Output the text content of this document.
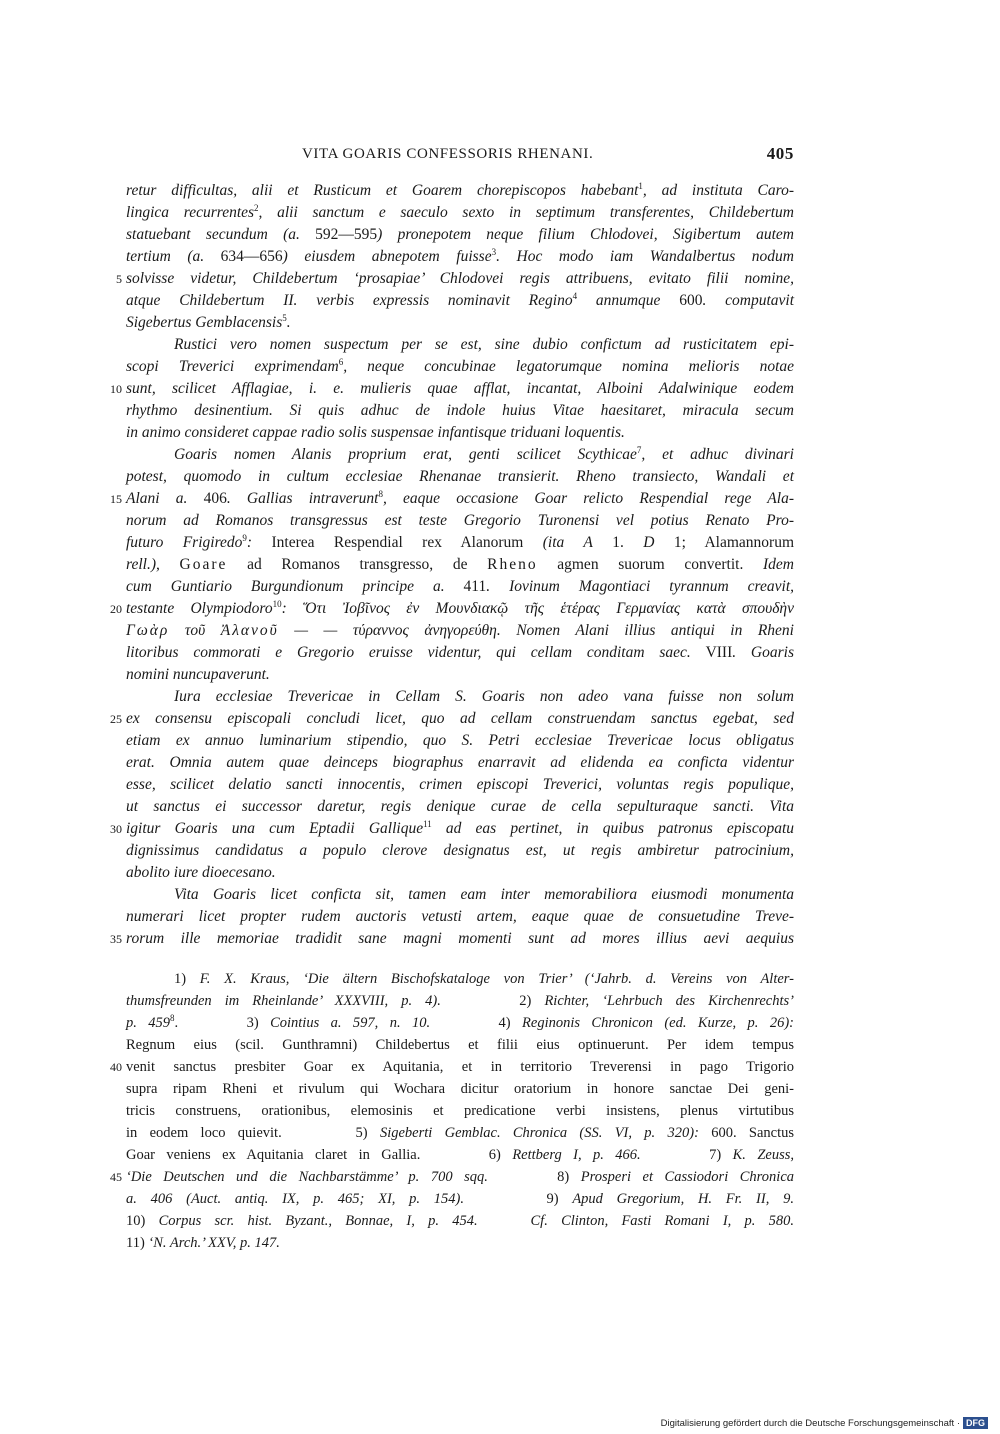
VITA GOARIS CONFESSORIS RHENANI.	405
retur difficultas, alii et Rusticum et Goarem chorepiscopos habebant$^1$, ad instituta Caro-
lingica recurrentes$^2$, alii sanctum e saeculo sexto in septimum transferentes, Childebertum
statuebant secundum (a. 592—595) pronepotem neque filium Chlodovei, Sigibertum autem
tertium (a. 634—656) eiusdem abnepotem fuisse$^3$. Hoc modo iam Wandalbertus nodum
5 solvisse videtur, Childebertum ‘prosapiae’ Chlodovei regis attribuens, evitato filii nomine,
atque Childebertum II. verbis expressis nominavit Regino$^4$ annumque 600. computavit
Sigebertus Gemblacensis$^5$.
Rustici vero nomen suspectum per se est, sine dubio confictum ad rusticitatem epi-
scopi Treverici exprimendam$^6$, neque concubinae legatorumque nomina melioris notae
10 sunt, scilicet Afflagiae, i. e. mulieris quae afflat, incantat, Alboini Adalwinique eodem
rhythmo desinentium. Si quis adhuc de indole huius Vitae haesitaret, miracula secum
in animo consideret cappae radio solis suspensae infantisque triduani loquentis.
Goaris nomen Alanis proprium erat, genti scilicet Scythicae$^7$, et adhuc divinari
potest, quomodo in cultum ecclesiae Rhenanae transierit. Rheno transiecto, Wandali et
15 Alani a. 406. Gallias intraverunt$^8$, eaque occasione Goar relicto Respendial rege Ala-
norum ad Romanos transgressus est teste Gregorio Turonensi vel potius Renato Pro-
futuro Frigiredo$^9$: Interea Respendial rex Alanorum (ita A 1. D 1; Alamannorum
rell.), Goare ad Romanos transgresso, de Rheno agmen suorum convertit. Idem
cum Guntiario Burgundionum principe a. 411. Iovinum Magontiaci tyrannum creavit,
20 testante Olympiodoro$^{10}$: Ὅτι Ἰοβῖνος ἐν Μουνδιακῷ τῆς ἑτέρας Γερμανίας κατὰ σπουδὴν
Γωὰρ τοῦ Ἀλανοῦ — — τύραννος ἀνηγορεύθη. Nomen Alani illius antiqui in Rheni
litoribus commorati e Gregorio eruisse videntur, qui cellam conditam saec. VIII. Goaris
nomini nuncupaverunt.
Iura ecclesiae Trevericae in Cellam S. Goaris non adeo vana fuisse non solum
25 ex consensu episcopali concludi licet, quo ad cellam construendam sanctus egebat, sed
etiam ex annuo luminarium stipendio, quo S. Petri ecclesiae Trevericae locus obligatus
erat. Omnia autem quae deinceps biographus enarravit ad elidenda ea conficta videntur
esse, scilicet delatio sancti innocentis, crimen episcopi Treverici, voluntas regis populique,
ut sanctus ei successor daretur, regis denique curae de cella sepulturaque sancti. Vita
30 igitur Goaris una cum Eptadii Gallique$^{11}$ ad eas pertinet, in quibus patronus episcopatu
dignissimus candidatus a populo clerove designatus est, ut regis ambiretur patrocinium,
abolito iure dioecesano.
Vita Goaris licet conficta sit, tamen eam inter memorabiliora eiusmodi monumenta
numerari licet propter rudem auctoris vetusti artem, eaque quae de consuetudine Treve-
35 rorum ille memoriae tradidit sane magni momenti sunt ad mores illius aevi aequius
1) F. X. Kraus, ‘Die ältern Bischofskataloge von Trier’ (‘Jahrb. d. Vereins von Alter-
thumsfreunden im Rheinlande’ XXXVIII, p. 4).      2) Richter, ‘Lehrbuch des Kirchenrechts’
p. $459^8$.      3) Cointius a. 597, n. 10.      4) Reginonis Chronicon (ed. Kurze, p. 26):
Regnum eius (scil. Gunthramni) Childebertus et filii eius optinuerunt. Per idem tempus
40 venit sanctus presbiter Goar ex Aquitania, et in territorio Treverensi in pago Trigorio
supra ripam Rheni et rivulum qui Wochara dicitur oratorium in honore sanctae Dei geni-
tricis construens, orationibus, elemosinis et predicatione verbi insistens, plenus virtutibus
in eodem loco quievit.      5) Sigeberti Gemblac. Chronica (SS. VI, p. 320): 600. Sanctus
Goar veniens ex Aquitania claret in Gallia.      6) Rettberg I, p. 466.      7) K. Zeuss,
45 ‘Die Deutschen und die Nachbarstämme’ p. 700 sqq.      8) Prosperi et Cassiodori Chronica
a. 406 (Auct. antiq. IX, p. 465; XI, p. 154).      9) Apud Gregorium, H. Fr. II, 9.
10) Corpus scr. hist. Byzant., Bonnae, I, p. 454.	Cf. Clinton, Fasti Romani I, p. 580.
11) ‘N. Arch.’ XXV, p. 147.
Digitalisierung gefördert durch die Deutsche Forschungsgemeinschaft · DFG
